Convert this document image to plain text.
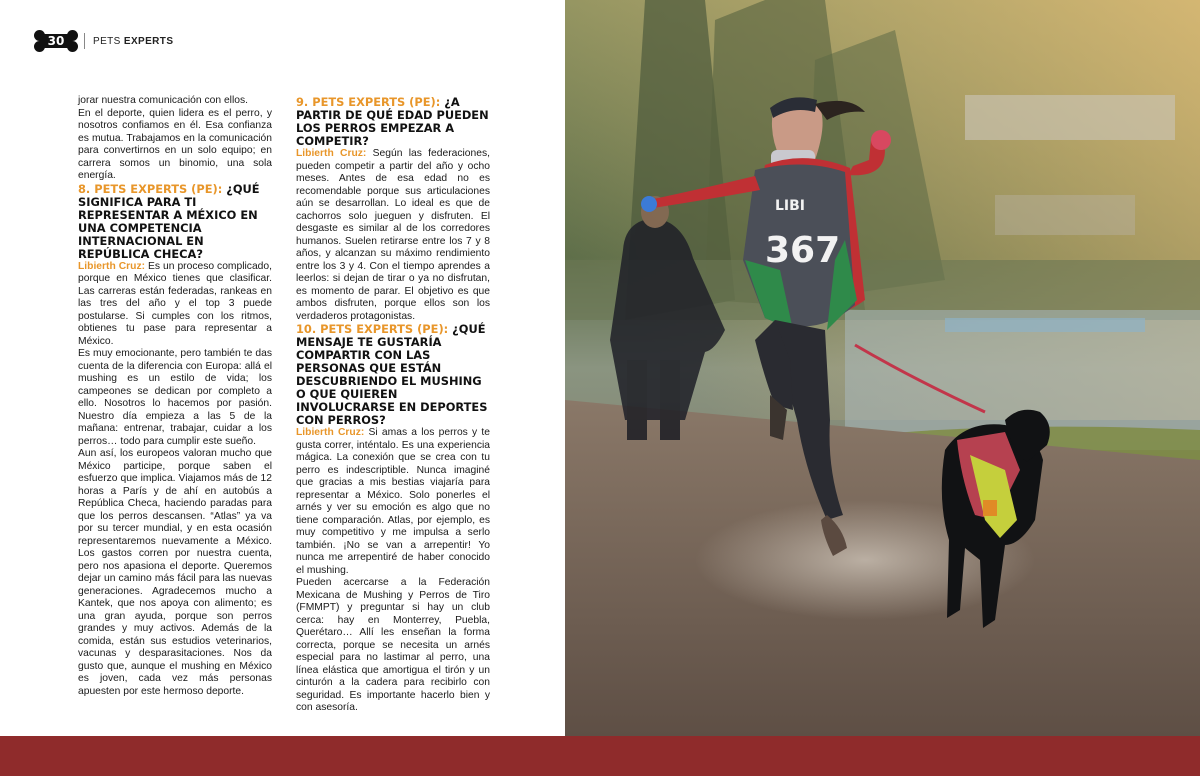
30	PETS EXPERTS

jorar nuestra comunicación con ellos.

En el deporte, quien lidera es el perro, y nosotros confiamos en él. Esa confianza es mutua. Trabajamos en la comunicación para convertirnos en un solo equipo; en carrera somos un binomio, una sola energía.

8. PETS EXPERTS (PE): ¿QUÉ SIGNIFICA PARA TI REPRESENTAR A MÉXICO EN UNA COMPETENCIA INTERNACIONAL EN REPÚBLICA CHECA?

Libierth Cruz: Es un proceso complicado, porque en México tienes que clasificar. Las carreras están federadas, rankeas en las tres del año y el top 3 puede postularse. Si cumples con los ritmos, obtienes tu pase para representar a México.

Es muy emocionante, pero también te das cuenta de la diferencia con Europa: allá el mushing es un estilo de vida; los campeones se dedican por completo a ello. Nosotros lo hacemos por pasión. Nuestro día empieza a las 5 de la mañana: entrenar, trabajar, cuidar a los perros… todo para cumplir este sueño.

Aun así, los europeos valoran mucho que México participe, porque saben el esfuerzo que implica. Viajamos más de 12 horas a París y de ahí en autobús a República Checa, haciendo paradas para que los perros descansen. “Atlas” ya va por su tercer mundial, y en esta ocasión representaremos nuevamente a México. Los gastos corren por nuestra cuenta, pero nos apasiona el deporte. Queremos dejar un camino más fácil para las nuevas generaciones. Agradecemos mucho a Kantek, que nos apoya con alimento; es una gran ayuda, porque son perros grandes y muy activos. Además de la comida, están sus estudios veterinarios, vacunas y desparasitaciones. Nos da gusto que, aunque el mushing en México es joven, cada vez más personas apuesten por este hermoso deporte.

9. PETS EXPERTS (PE): ¿A PARTIR DE QUÉ EDAD PUEDEN LOS PERROS EMPEZAR A COMPETIR?

Libierth Cruz: Según las federaciones, pueden competir a partir del año y ocho meses. Antes de esa edad no es recomendable porque sus articulaciones aún se desarrollan. Lo ideal es que de cachorros solo jueguen y disfruten. El desgaste es similar al de los corredores humanos. Suelen retirarse entre los 7 y 8 años, y alcanzan su máximo rendimiento entre los 3 y 4. Con el tiempo aprendes a leerlos: si dejan de tirar o ya no disfrutan, es momento de parar. El objetivo es que ambos disfruten, porque ellos son los verdaderos protagonistas.

10. PETS EXPERTS (PE): ¿QUÉ MENSAJE TE GUSTARÍA COMPARTIR CON LAS PERSONAS QUE ESTÁN DESCUBRIENDO EL MUSHING O QUE QUIEREN INVOLUCRARSE EN DEPORTES CON PERROS?

Libierth Cruz: Si amas a los perros y te gusta correr, inténtalo. Es una experiencia mágica. La conexión que se crea con tu perro es indescriptible. Nunca imaginé que gracias a mis bestias viajaría para representar a México. Solo ponerles el arnés y ver su emoción es algo que no tiene comparación. Atlas, por ejemplo, es muy competitivo y me impulsa a serlo también. ¡No se van a arrepentir! Yo nunca me arrepentiré de haber conocido el mushing.

Pueden acercarse a la Federación Mexicana de Mushing y Perros de Tiro (FMMPT) y preguntar si hay un club cerca: hay en Monterrey, Puebla, Querétaro… Allí les enseñan la forma correcta, porque se necesita un arnés especial para no lastimar al perro, una línea elástica que amortigua el tirón y un cinturón a la cadera para recibirlo con seguridad. Es importante hacerlo bien y con asesoría.

LIBI
367
